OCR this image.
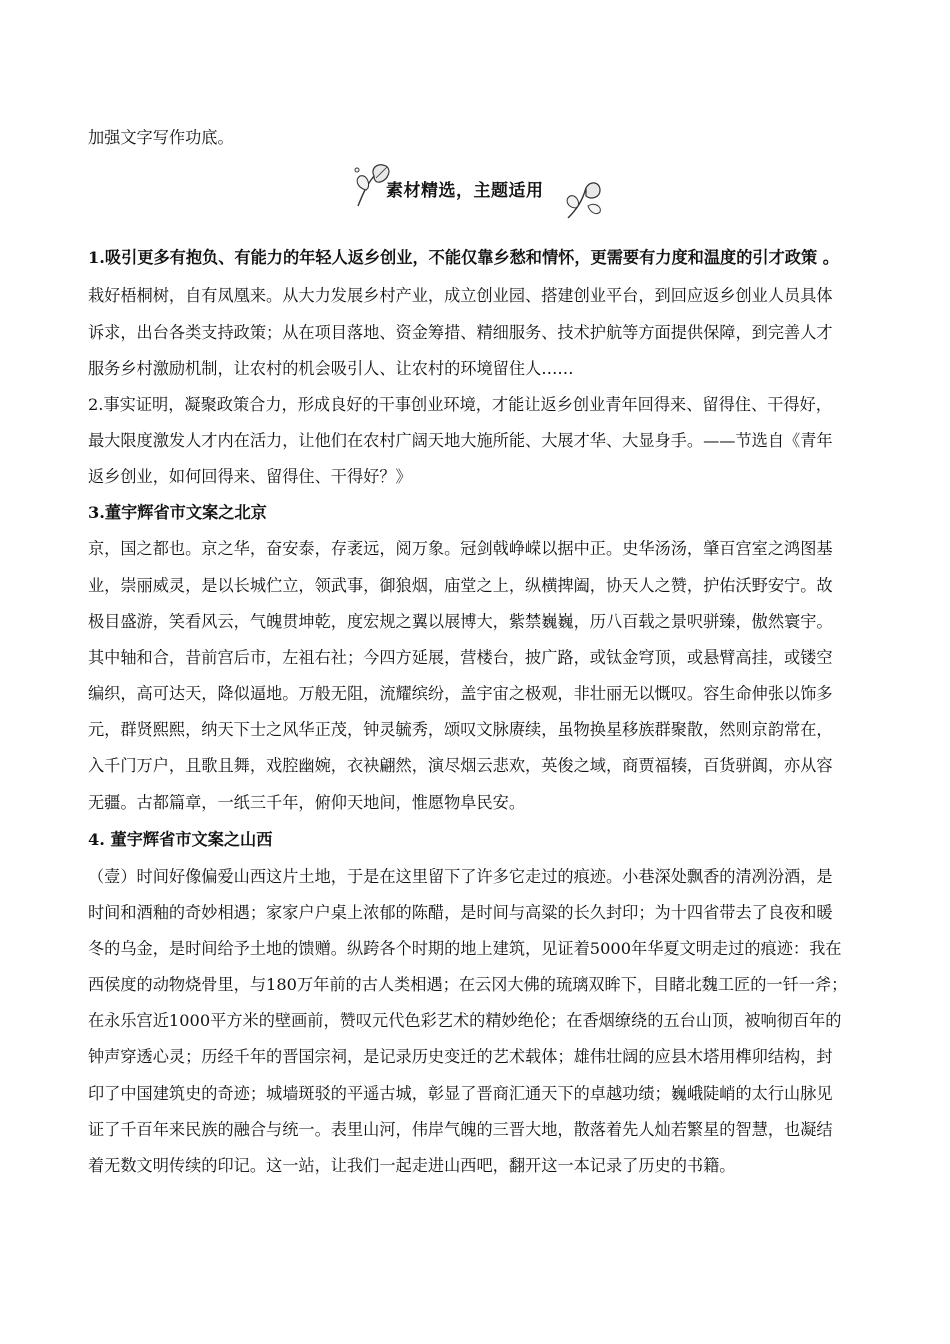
加强文字写作功底。
素材精选，主题适用
1.吸引更多有抱负、有能力的年轻人返乡创业，不能仅靠乡愁和情怀，更需要有力度和温度的引才政策 。
栽好梧桐树，自有凤凰来。从大力发展乡村产业，成立创业园、搭建创业平台，到回应返乡创业人员具体
诉求，出台各类支持政策；从在项目落地、资金筹措、精细服务、技术护航等方面提供保障，到完善人才
服务乡村激励机制，让农村的机会吸引人、让农村的环境留住人……
2.事实证明，凝聚政策合力，形成良好的干事创业环境，才能让返乡创业青年回得来、留得住、干得好，
最大限度激发人才内在活力，让他们在农村广阔天地大施所能、大展才华、大显身手。——节选自《青年
返乡创业，如何回得来、留得住、干得好？》
3.董宇辉省市文案之北京
京，国之都也。京之华，奋安泰，存袤远，阅万象。冠剑戟峥嵘以据中正。史华汤汤，肇百宫室之鸿图基
业，崇丽威灵，是以长城伫立，领武事，御狼烟，庙堂之上，纵横捭阖，协天人之赞，护佑沃野安宁。故
极目盛游，笑看风云，气魄贯坤乾，度宏规之翼以展博大，紫禁巍巍，历八百载之景呎骈臻，傲然寰宇。
其中轴和合，昔前宫后市，左祖右社；今四方延展，营楼台，披广路，或钛金穹顶，或悬臂高挂，或镂空
编织，高可达天，降似逼地。万般无阻，流耀缤纷，盖宇宙之极观，非壮丽无以慨叹。容生命伸张以饰多
元，群贤熙熙，纳天下士之风华正茂，钟灵毓秀，颂叹文脉赓续，虽物换星移族群聚散，然则京韵常在，
入千门万户，且歌且舞，戏腔幽婉，衣袂翩然，演尽烟云悲欢，英俊之域，商贾福辏，百货骈阗，亦从容
无疆。古都篇章，一纸三千年，俯仰天地间，惟愿物阜民安。
4. 董宇辉省市文案之山西
（壹）时间好像偏爱山西这片土地，于是在这里留下了许多它走过的痕迹。小巷深处飘香的清冽汾酒，是
时间和酒釉的奇妙相遇；家家户户桌上浓郁的陈醋，是时间与高粱的长久封印；为十四省带去了良夜和暖
冬的乌金，是时间给予土地的馈赠。纵跨各个时期的地上建筑，见证着5000年华夏文明走过的痕迹：我在
西侯度的动物烧骨里，与180万年前的古人类相遇；在云冈大佛的琉璃双眸下，目睹北魏工匠的一钎一斧；
在永乐宫近1000平方米的壁画前，赞叹元代色彩艺术的精妙绝伦；在香烟缭绕的五台山顶，被响彻百年的
钟声穿透心灵；历经千年的晋国宗祠，是记录历史变迁的艺术载体；雄伟壮阔的应县木塔用榫卯结构，封
印了中国建筑史的奇迹；城墙斑驳的平遥古城，彰显了晋商汇通天下的卓越功绩；巍峨陡峭的太行山脉见
证了千百年来民族的融合与统一。表里山河，伟岸气魄的三晋大地，散落着先人灿若繁星的智慧，也凝结
着无数文明传续的印记。这一站，让我们一起走进山西吧，翻开这一本记录了历史的书籍。
